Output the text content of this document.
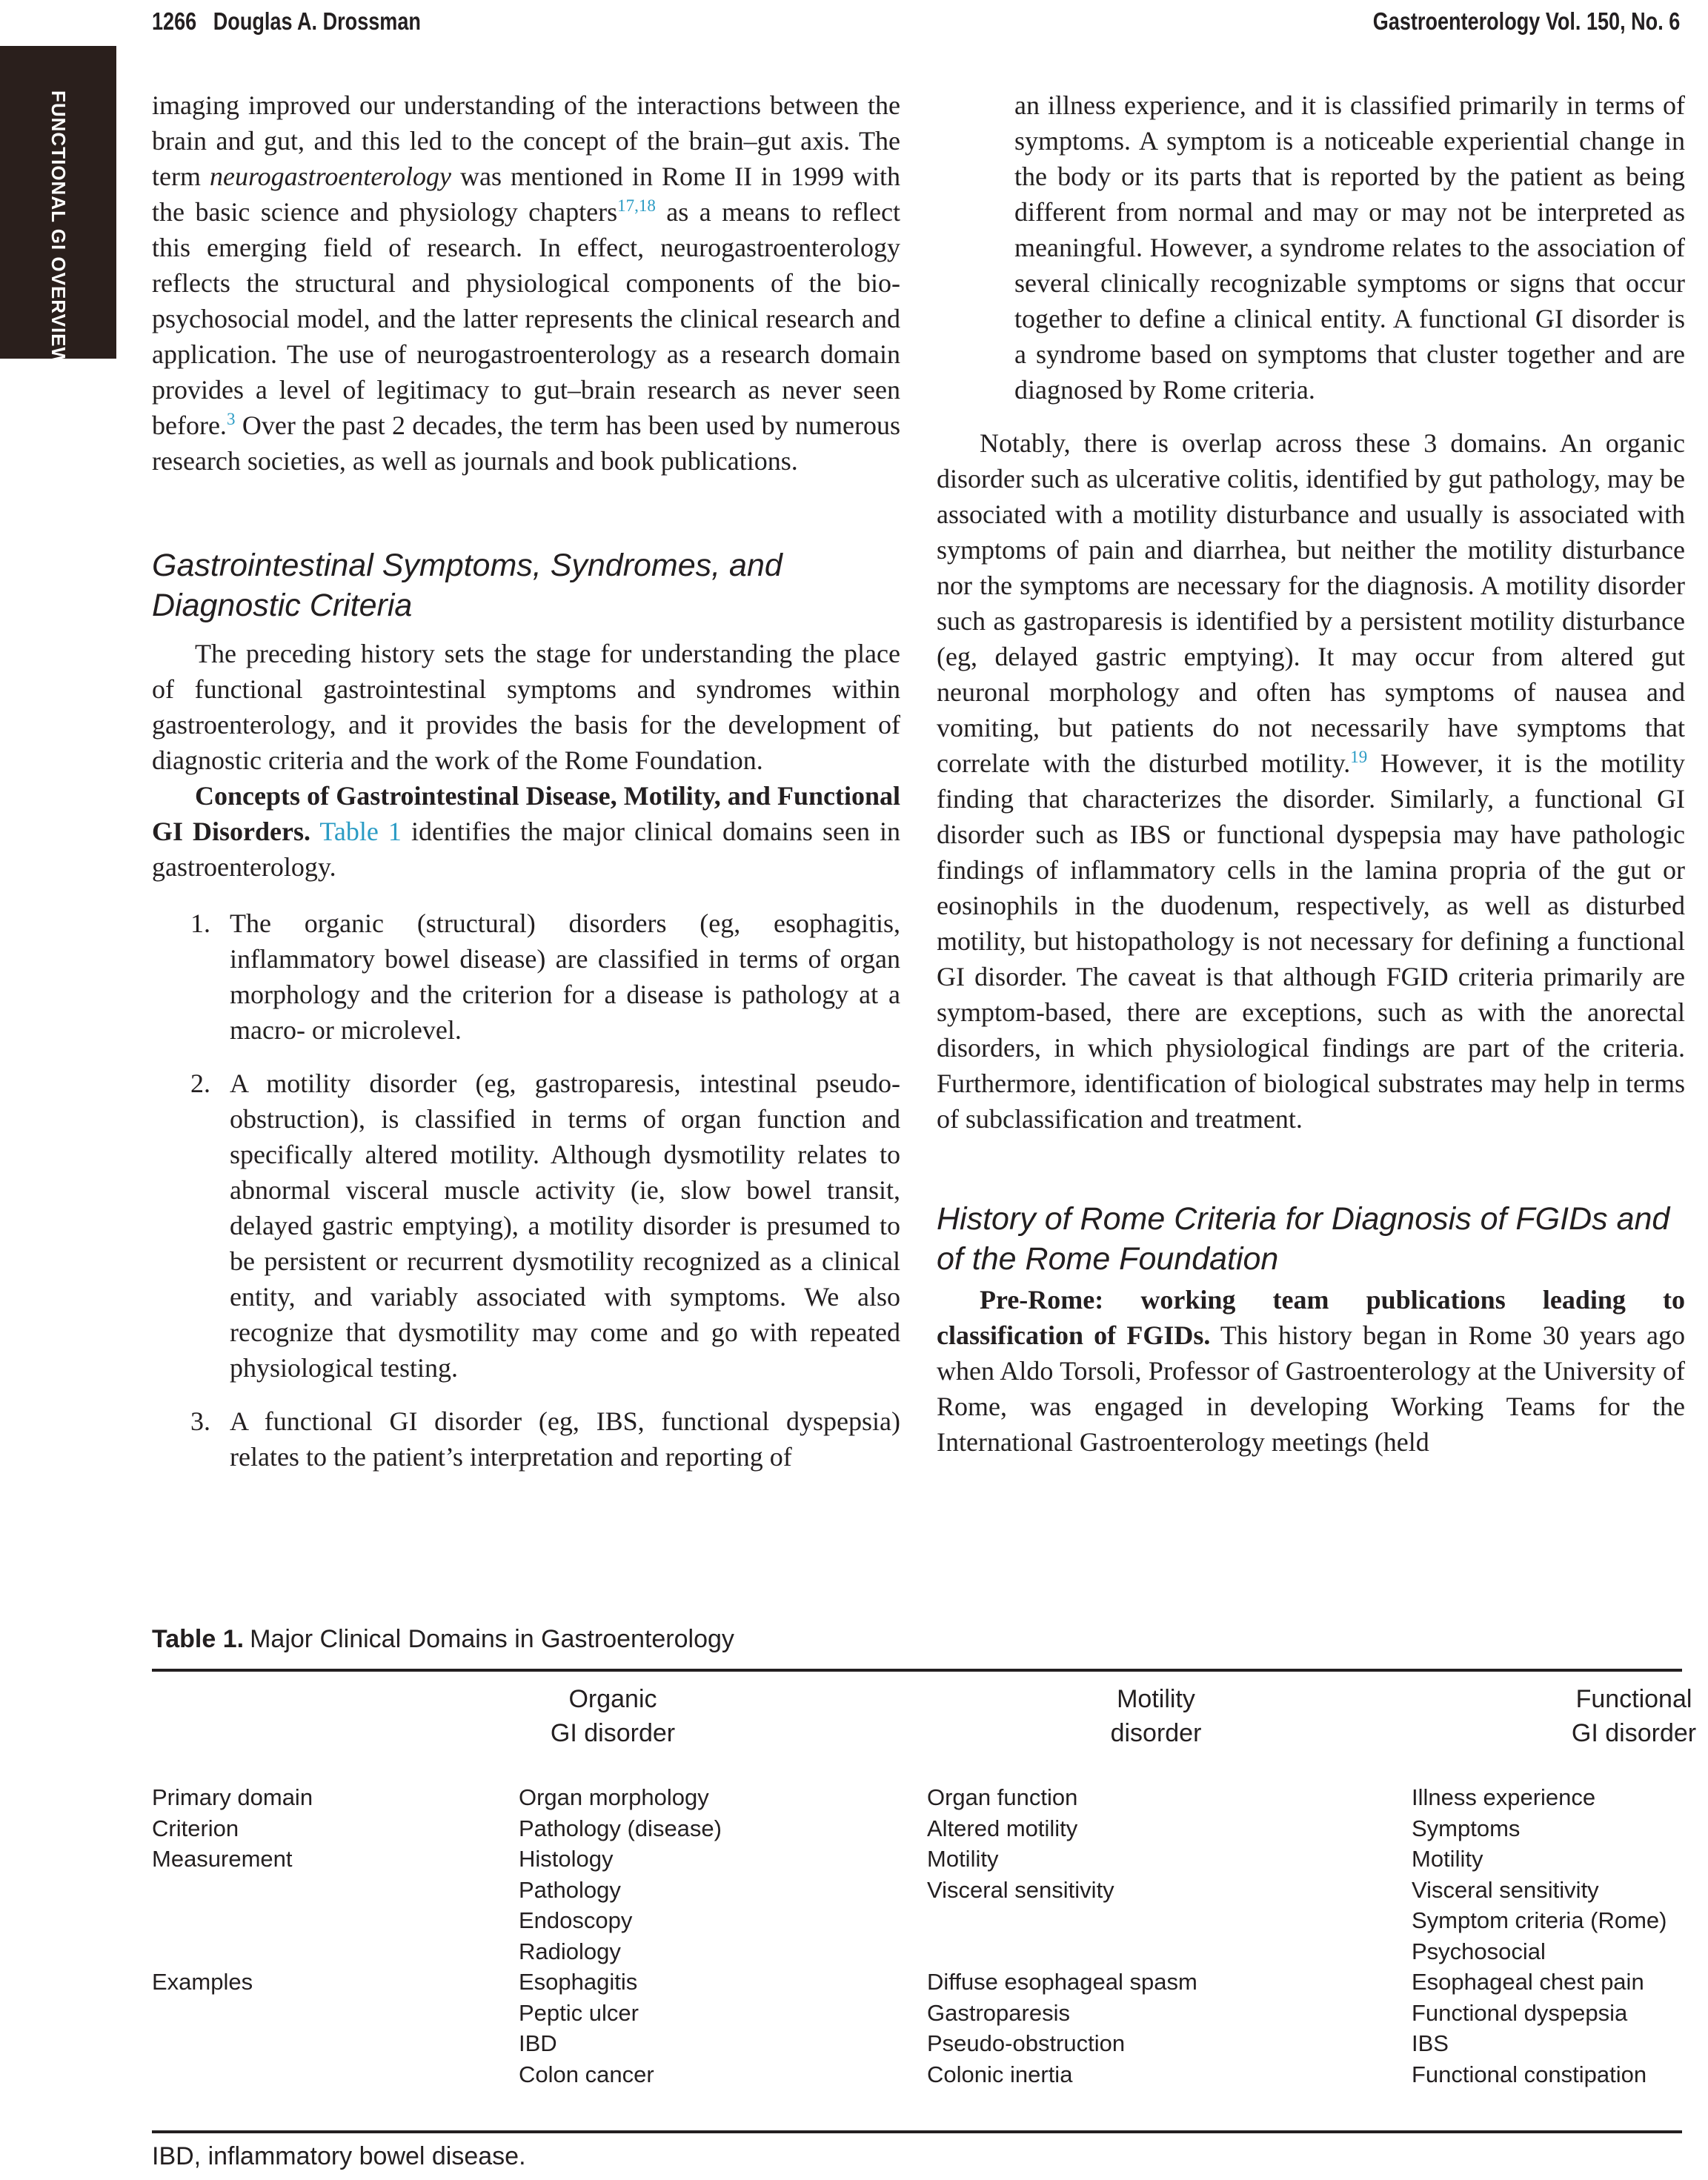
1266   Douglas A. Drossman	Gastroenterology Vol. 150, No. 6
FUNCTIONAL GI OVERVIEW	imaging improved our understanding of the interactions between the brain and gut, and this led to the concept of the brain–gut axis. The term neurogastroenterology was mentioned in Rome II in 1999 with the basic science and physiology chapters$^{17,18}$ as a means to reflect this emerging field of research. In effect, neurogastroenterology reflects the structural and physiological components of the bio-psychosocial model, and the latter represents the clinical research and application. The use of neurogastroenterology as a research domain provides a level of legitimacy to gut–brain research as never seen before.$^3$ Over the past 2 decades, the term has been used by numerous research societies, as well as journals and book publications.

Gastrointestinal Symptoms, Syndromes, and Diagnostic Criteria

The preceding history sets the stage for understanding the place of functional gastrointestinal symptoms and syndromes within gastroenterology, and it provides the basis for the development of diagnostic criteria and the work of the Rome Foundation.

Concepts of Gastrointestinal Disease, Motility, and Functional GI Disorders. Table 1 identifies the major clinical domains seen in gastroenterology.

1. The organic (structural) disorders (eg, esophagitis, inflammatory bowel disease) are classified in terms of organ morphology and the criterion for a disease is pathology at a macro- or microlevel.
2. A motility disorder (eg, gastroparesis, intestinal pseudo-obstruction), is classified in terms of organ function and specifically altered motility. Although dysmotility relates to abnormal visceral muscle activity (ie, slow bowel transit, delayed gastric emptying), a motility disorder is presumed to be persistent or recurrent dysmotility recognized as a clinical entity, and variably associated with symptoms. We also recognize that dysmotility may come and go with repeated physiological testing.
3. A functional GI disorder (eg, IBS, functional dyspepsia) relates to the patient’s interpretation and reporting of

an illness experience, and it is classified primarily in terms of symptoms. A symptom is a noticeable experiential change in the body or its parts that is reported by the patient as being different from normal and may or may not be interpreted as meaningful. However, a syndrome relates to the association of several clinically recognizable symptoms or signs that occur together to define a clinical entity. A functional GI disorder is a syndrome based on symptoms that cluster together and are diagnosed by Rome criteria.

Notably, there is overlap across these 3 domains. An organic disorder such as ulcerative colitis, identified by gut pathology, may be associated with a motility disturbance and usually is associated with symptoms of pain and diarrhea, but neither the motility disturbance nor the symptoms are necessary for the diagnosis. A motility disorder such as gastroparesis is identified by a persistent motility disturbance (eg, delayed gastric emptying). It may occur from altered gut neuronal morphology and often has symptoms of nausea and vomiting, but patients do not necessarily have symptoms that correlate with the disturbed motility.$^{19}$ However, it is the motility finding that characterizes the disorder. Similarly, a functional GI disorder such as IBS or functional dyspepsia may have pathologic findings of inflammatory cells in the lamina propria of the gut or eosinophils in the duodenum, respectively, as well as disturbed motility, but histopathology is not necessary for defining a functional GI disorder. The caveat is that although FGID criteria primarily are symptom-based, there are exceptions, such as with the anorectal disorders, in which physiological findings are part of the criteria. Furthermore, identification of biological substrates may help in terms of subclassification and treatment.

History of Rome Criteria for Diagnosis of FGIDs and of the Rome Foundation

Pre-Rome: working team publications leading to classification of FGIDs. This history began in Rome 30 years ago when Aldo Torsoli, Professor of Gastroenterology at the University of Rome, was engaged in developing Working Teams for the International Gastroenterology meetings (held

Table 1. Major Clinical Domains in Gastroenterology
Organic
GI disorder
Motility
disorder
Functional
GI disorder
Primary domain
Criterion
Measurement
Examples
Organ morphology
Pathology (disease)
Histology
Pathology
Endoscopy
Radiology
Esophagitis
Peptic ulcer
IBD
Colon cancer
Organ function
Altered motility
Motility
Visceral sensitivity
Diffuse esophageal spasm
Gastroparesis
Pseudo-obstruction
Colonic inertia
Illness experience
Symptoms
Motility
Visceral sensitivity
Symptom criteria (Rome)
Psychosocial
Esophageal chest pain
Functional dyspepsia
IBS
Functional constipation
IBD, inflammatory bowel disease.
